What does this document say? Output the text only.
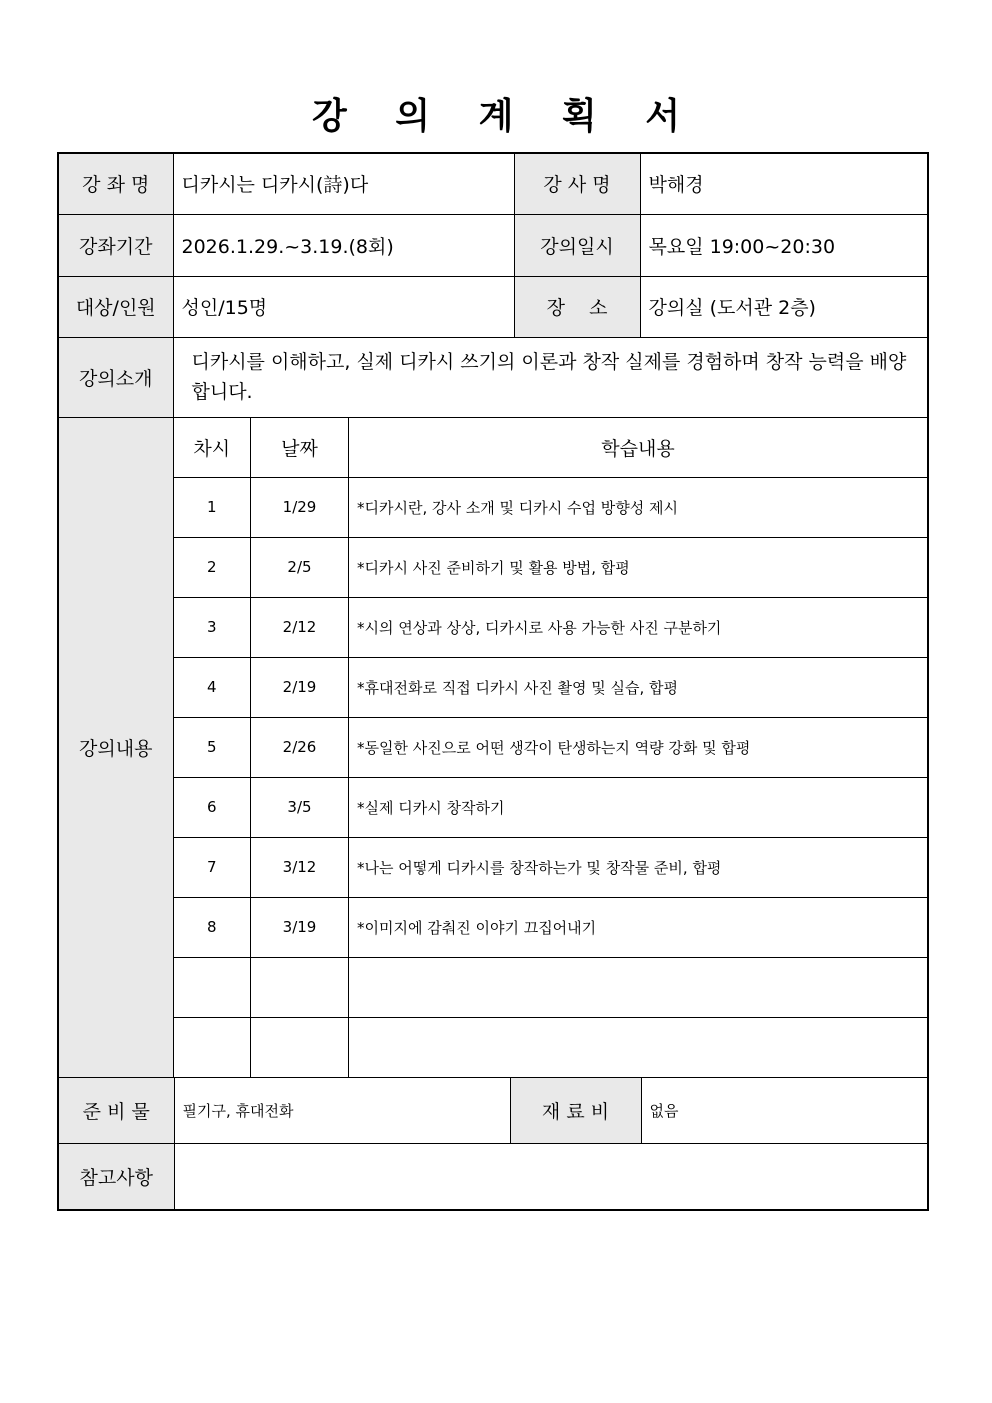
강 의 계 획 서
강 좌 명	디카시는 디카시(詩)다	강 사 명	박해경
강좌기간	2026.1.29.~3.19.(8회)	강의일시	목요일 19:00~20:30
대상/인원	성인/15명	장    소	강의실 (도서관 2층)
강의소개	디카시를 이해하고, 실제 디카시 쓰기의 이론과 창작 실제를 경험하며 창작 능력을 배양합니다.
강의내용	
차시	날짜	학습내용
1	1/29	*디카시란, 강사 소개 및 디카시 수업 방향성 제시
2	2/5	*디카시 사진 준비하기 및 활용 방법, 합평
3	2/12	*시의 연상과 상상, 디카시로 사용 가능한 사진 구분하기
4	2/19	*휴대전화로 직접 디카시 사진 촬영 및 실습, 합평
5	2/26	*동일한 사진으로 어떤 생각이 탄생하는지 역량 강화 및 합평
6	3/5	*실제 디카시 창작하기
7	3/12	*나는 어떻게 디카시를 창작하는가 및 창작물 준비, 합평
8	3/19	*이미지에 감춰진 이야기 끄집어내기

준 비 물	필기구, 휴대전화	재 료 비	없음
참고사항	
